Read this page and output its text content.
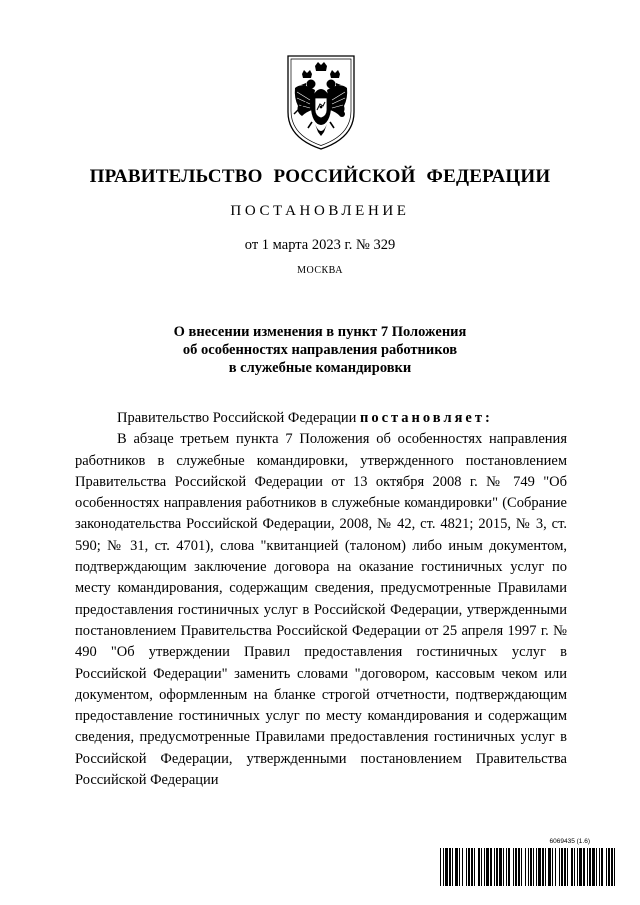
ПРАВИТЕЛЬСТВО РОССИЙСКОЙ ФЕДЕРАЦИИ
ПОСТАНОВЛЕНИЕ
от 1 марта 2023 г. № 329
МОСКВА
О внесении изменения в пункт 7 Положения
об особенностях направления работников
в служебные командировки

Правительство Российской Федерации постановляет:

В абзаце третьем пункта 7 Положения об особенностях направления работников в служебные командировки, утвержденного постановлением Правительства Российской Федерации от 13 октября 2008 г. № 749 "Об особенностях направления работников в служебные командировки" (Собрание законодательства Российской Федерации, 2008, № 42, ст. 4821; 2015, № 3, ст. 590; № 31, ст. 4701), слова "квитанцией (талоном) либо иным документом, подтверждающим заключение договора на оказание гостиничных услуг по месту командирования, содержащим сведения, предусмотренные Правилами предоставления гостиничных услуг в Российской Федерации, утвержденными постановлением Правительства Российской Федерации от 25 апреля 1997 г. № 490 "Об утверждении Правил предоставления гостиничных услуг в Российской Федерации" заменить словами "договором, кассовым чеком или документом, оформленным на бланке строгой отчетности, подтверждающим предоставление гостиничных услуг по месту командирования и содержащим сведения, предусмотренные Правилами предоставления гостиничных услуг в Российской Федерации, утвержденными постановлением Правительства Российской Федерации

6069435 (1.6)
